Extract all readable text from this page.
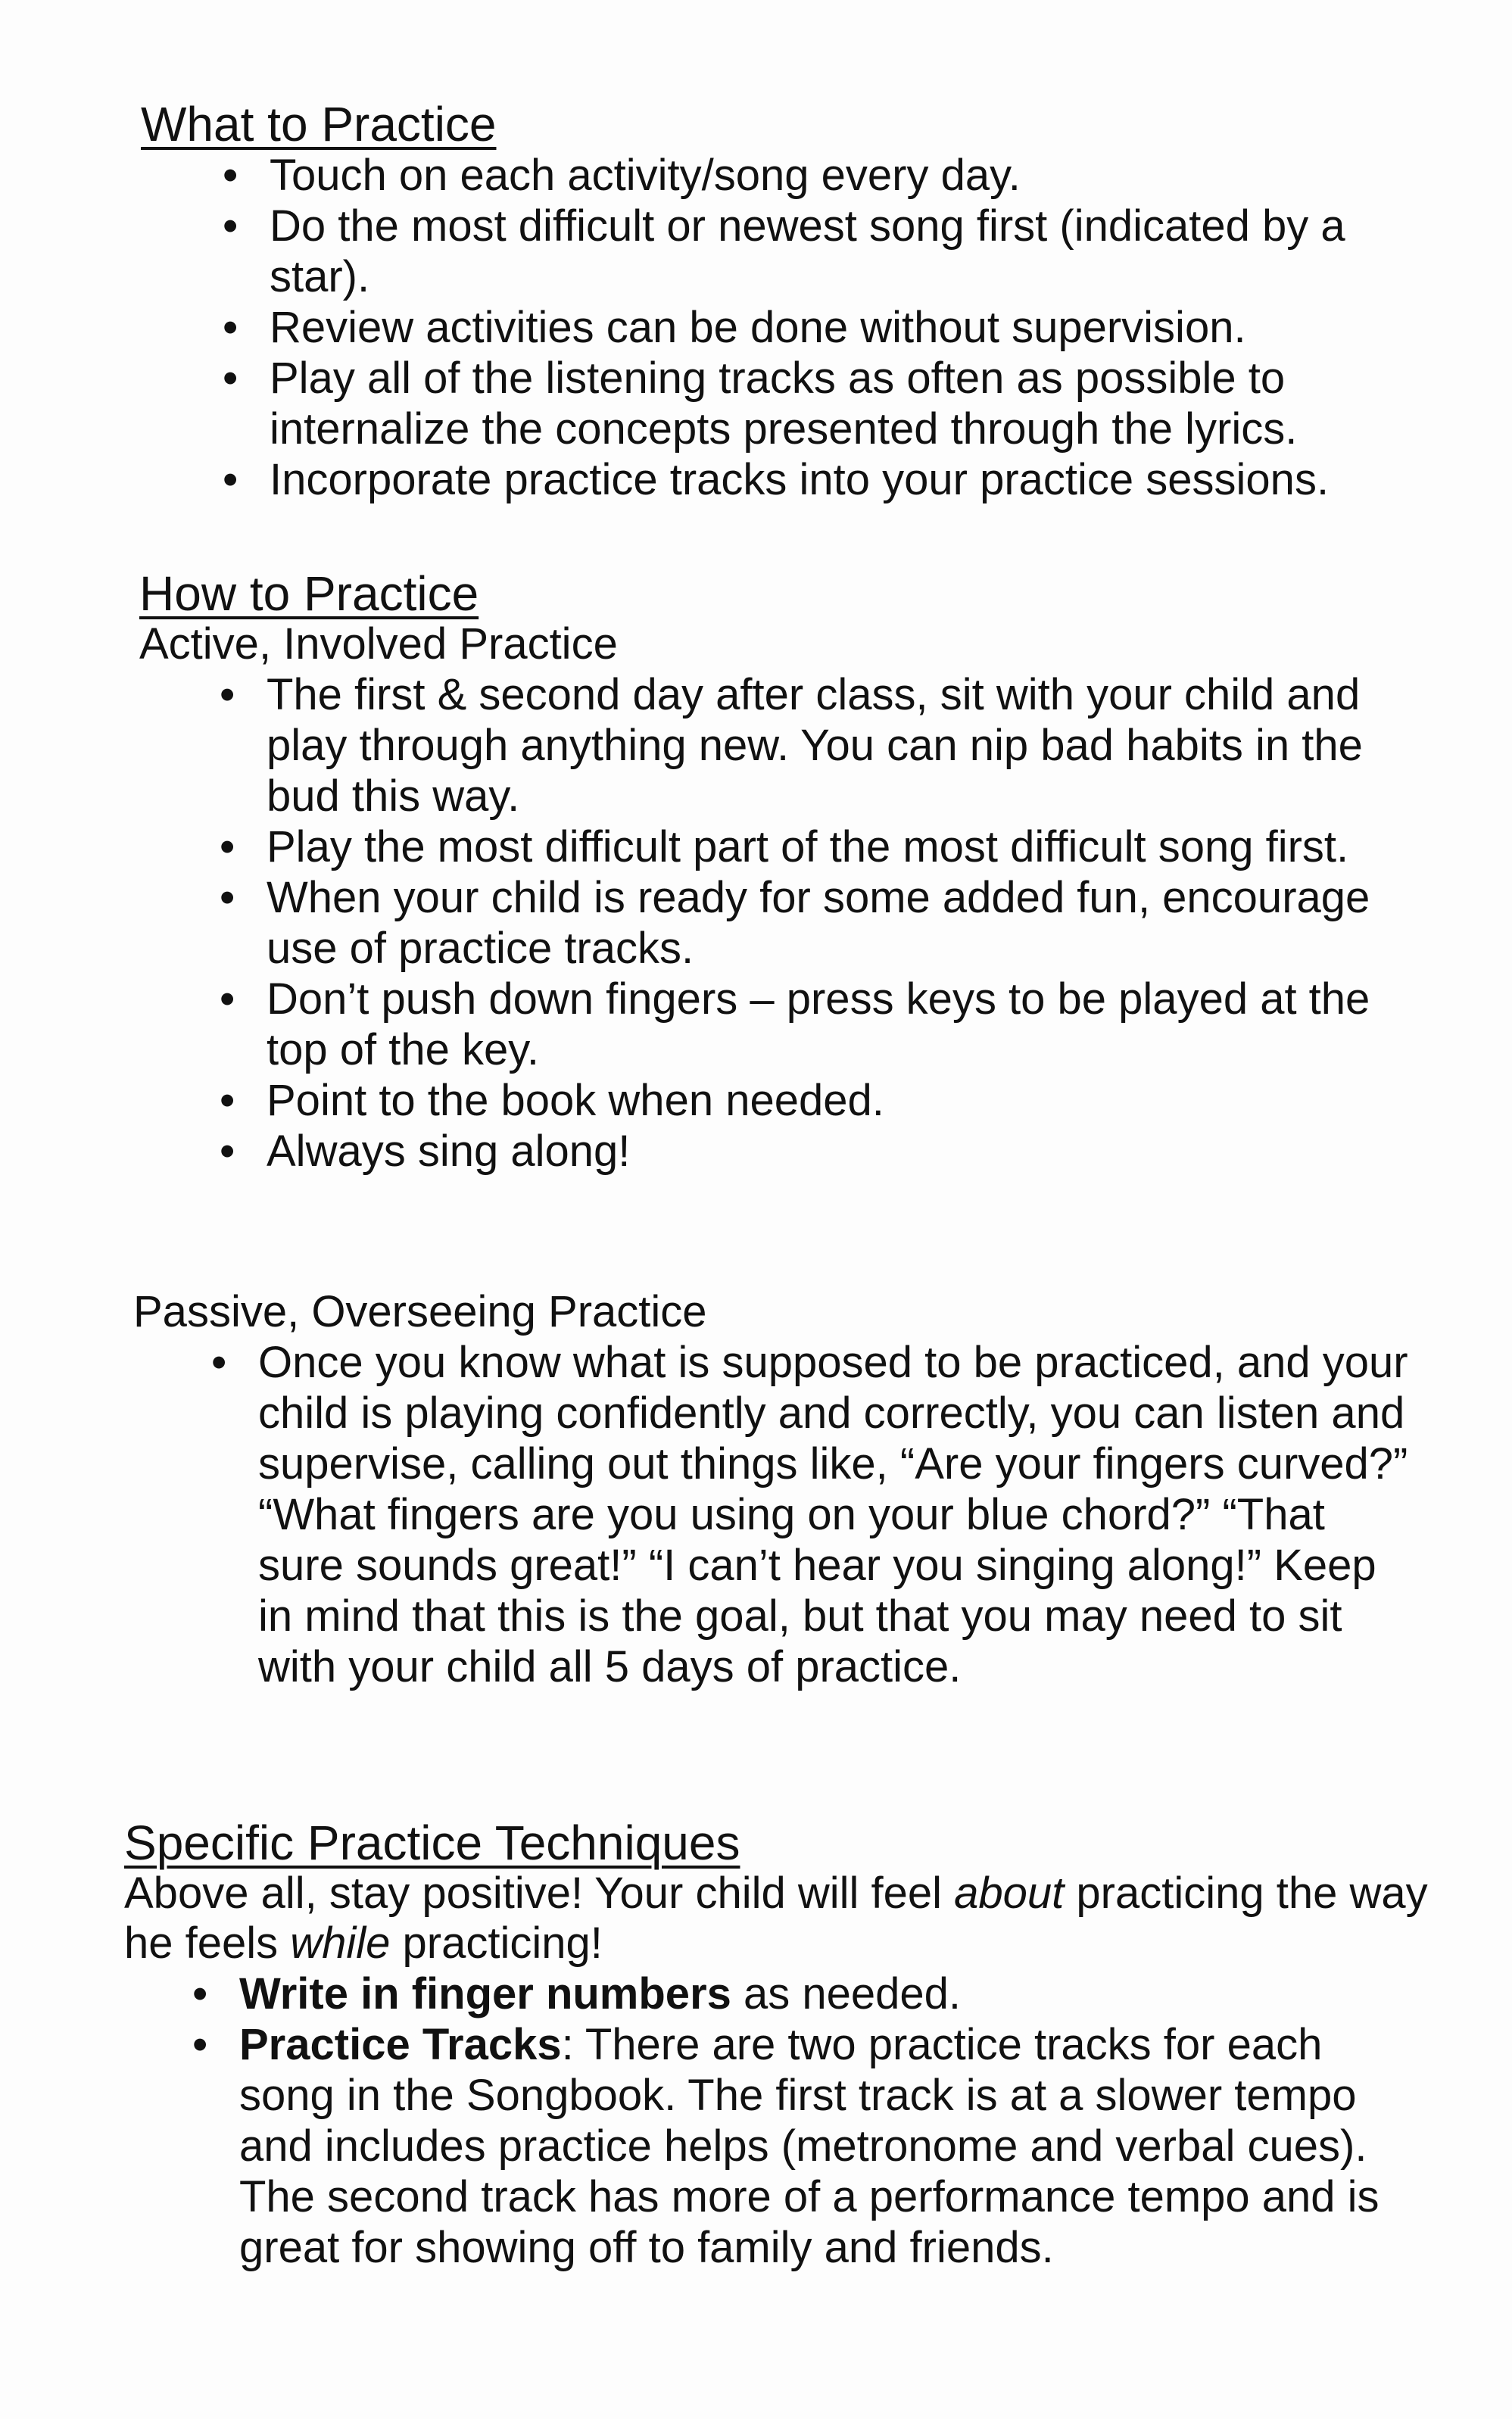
What to Practice
• Touch on each activity/song every day.
• Do the most difficult or newest song first (indicated by a star).
• Review activities can be done without supervision.
• Play all of the listening tracks as often as possible to internalize the concepts presented through the lyrics.
• Incorporate practice tracks into your practice sessions.
How to Practice

Active, Involved Practice

• The first & second day after class, sit with your child and play through anything new. You can nip bad habits in the bud this way.
• Play the most difficult part of the most difficult song first.
• When your child is ready for some added fun, encourage use of practice tracks.
• Don’t push down fingers – press keys to be played at the top of the key.
• Point to the book when needed.
• Always sing along!

Passive, Overseeing Practice

• Once you know what is supposed to be practiced, and your child is playing confidently and correctly, you can listen and supervise, calling out things like, “Are your fingers curved?” “What fingers are you using on your blue chord?” “That sure sounds great!” “I can’t hear you singing along!” Keep in mind that this is the goal, but that you may need to sit with your child all 5 days of practice.
Specific Practice Techniques

Above all, stay positive! Your child will feel about practicing the way he feels while practicing!

• Write in finger numbers as needed.
• Practice Tracks: There are two practice tracks for each song in the Songbook. The first track is at a slower tempo and includes practice helps (metronome and verbal cues). The second track has more of a performance tempo and is great for showing off to family and friends.
